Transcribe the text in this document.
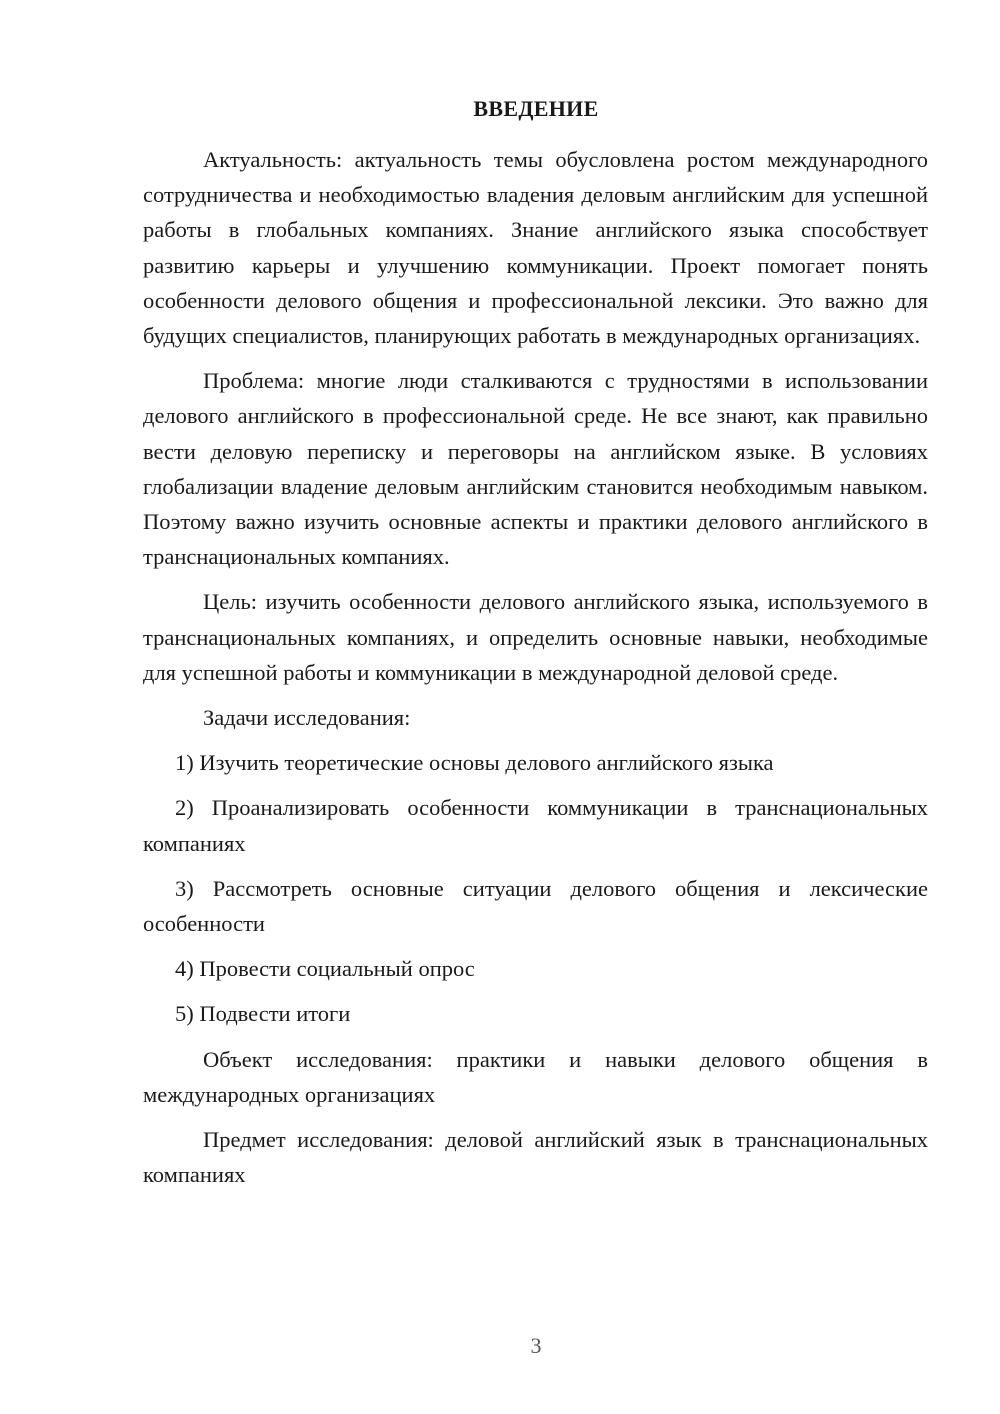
ВВЕДЕНИЕ

Актуальность: актуальность темы обусловлена ростом международного сотрудничества и необходимостью владения деловым английским для успешной работы в глобальных компаниях. Знание английского языка способствует развитию карьеры и улучшению коммуникации. Проект помогает понять особенности делового общения и профессиональной лексики. Это важно для будущих специалистов, планирующих работать в международных организациях.

Проблема: многие люди сталкиваются с трудностями в использовании делового английского в профессиональной среде. Не все знают, как правильно вести деловую переписку и переговоры на английском языке. В условиях глобализации владение деловым английским становится необходимым навыком. Поэтому важно изучить основные аспекты и практики делового английского в транснациональных компаниях.

Цель: изучить особенности делового английского языка, используемого в транснациональных компаниях, и определить основные навыки, необходимые для успешной работы и коммуникации в международной деловой среде.

Задачи исследования:

1) Изучить теоретические основы делового английского языка

2) Проанализировать особенности коммуникации в транснациональных компаниях

3) Рассмотреть основные ситуации делового общения и лексические особенности

4) Провести социальный опрос

5) Подвести итоги

Объект исследования: практики и навыки делового общения в международных организациях

Предмет исследования: деловой английский язык в транснациональных компаниях

3
